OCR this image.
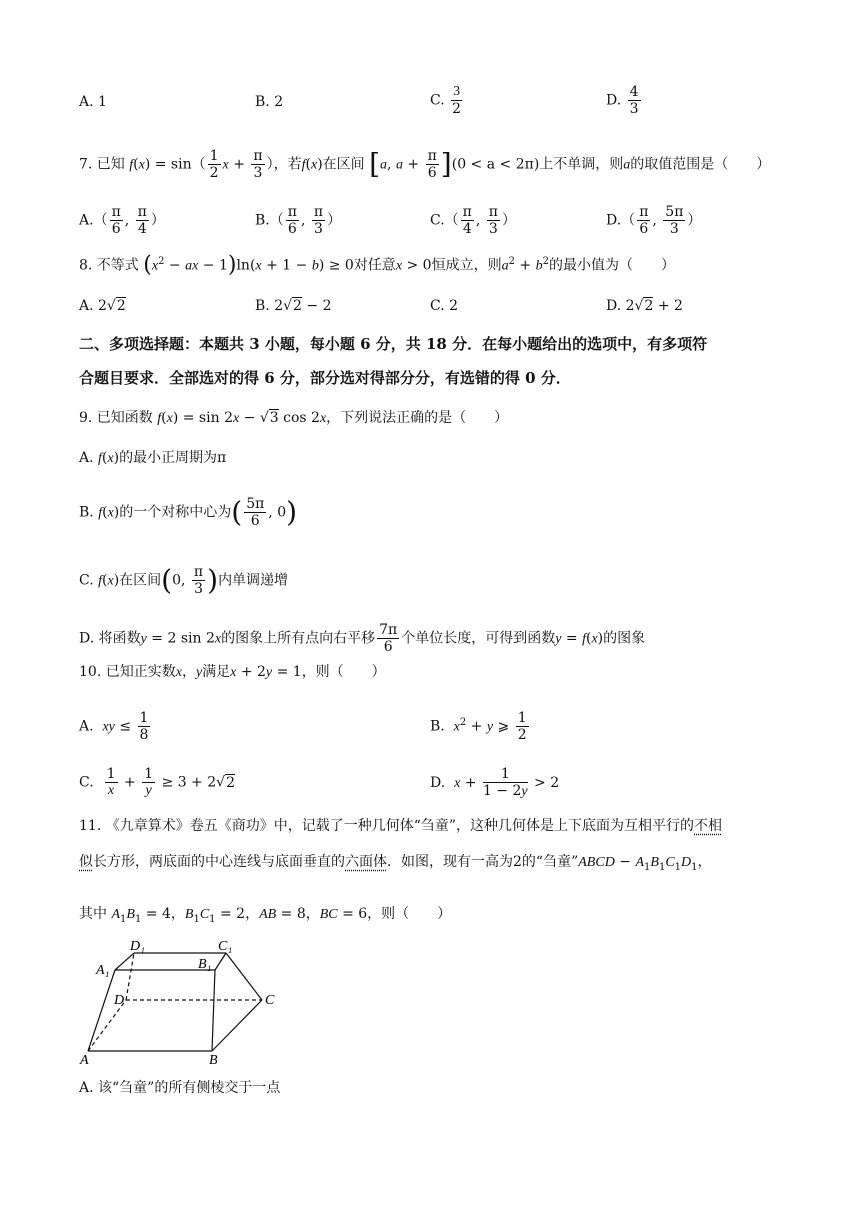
A. 1	B. 2	C. $\frac{3}{2}$	D. $\frac{4}{3}$
7. 已知 $f(x) = \sin( \frac{1}{2}$ $x + \frac{\pi}{3}$ ），若f(x)在区间 [a, $a + \frac{\pi}{6} ](0 < a < 2\pi)$上不单调，则a的取值范围是（　　）
$A.( \frac{\pi}{6}$ , $\frac{\pi}{4}$ ）	$B.( \frac{\pi}{6}$ , $\frac{\pi}{3}$ ）	$C.( \frac{\pi}{4}$ , $\frac{\pi}{3}$ ）	$D.( \frac{\pi}{6}$ , $\frac{5\pi}{3}$ ）
8. 不等式 ($x^2$ − ax − 1)ln(x + 1 − b) ≥ 0对任意x > 0恒成立，则$a^2 + b^2$的最小值为（　　）
A. 2√2	B. 2√2 − 2	C. 2	D. 2√2 + 2
二、多项选择题：本题共 3 小题，每小题 6 分，共 18 分．在每小题给出的选项中，有多项符
合题目要求．全部选对的得 6 分，部分选对得部分分，有选错的得 0 分．
9. 已知函数 f(x) = sin 2x − √3 cos 2x，下列说法正确的是（　　）
A. f(x)的最小正周期为π
B. f(x)的一个对称中心为( $\frac{5\pi}{6}$ , 0)
C. f(x)在区间(0, $\frac{\pi}{3}$ )内单调递增
D. 将函数y = 2 sin 2x的图象上所有点向右平移 $\frac{7\pi}{6}$ 个单位长度，可得到函数y = f(x)的图象
10. 已知正实数x，y满足x + 2y = 1，则（　　）
A.  xy ≤ $\frac{1}{8}$	B.  $x^2 + y$ ⩾ $\frac{1}{2}$
C. $\frac{1}{x} + \frac{1}{y} \ge 3 + 2√2$	D.  $x + \frac{1}{1 - 2y} > 2$
11. 《九章算术》卷五《商功》中，记载了一种几何体“刍童”，这种几何体是上下底面为互相平行的不相
似长方形，两底面的中心连线与底面垂直的六面体．如图，现有一高为2的“刍童”ABCD − $A_1B_1C_1D_1$，
其中 $A_1B_1 = 4$，$B_1C_1 = 2$，AB = 8，BC = 6，则（　　）
D₁	C₁
A₁	B₁
D	C
A	B
A. 该“刍童”的所有侧棱交于一点
